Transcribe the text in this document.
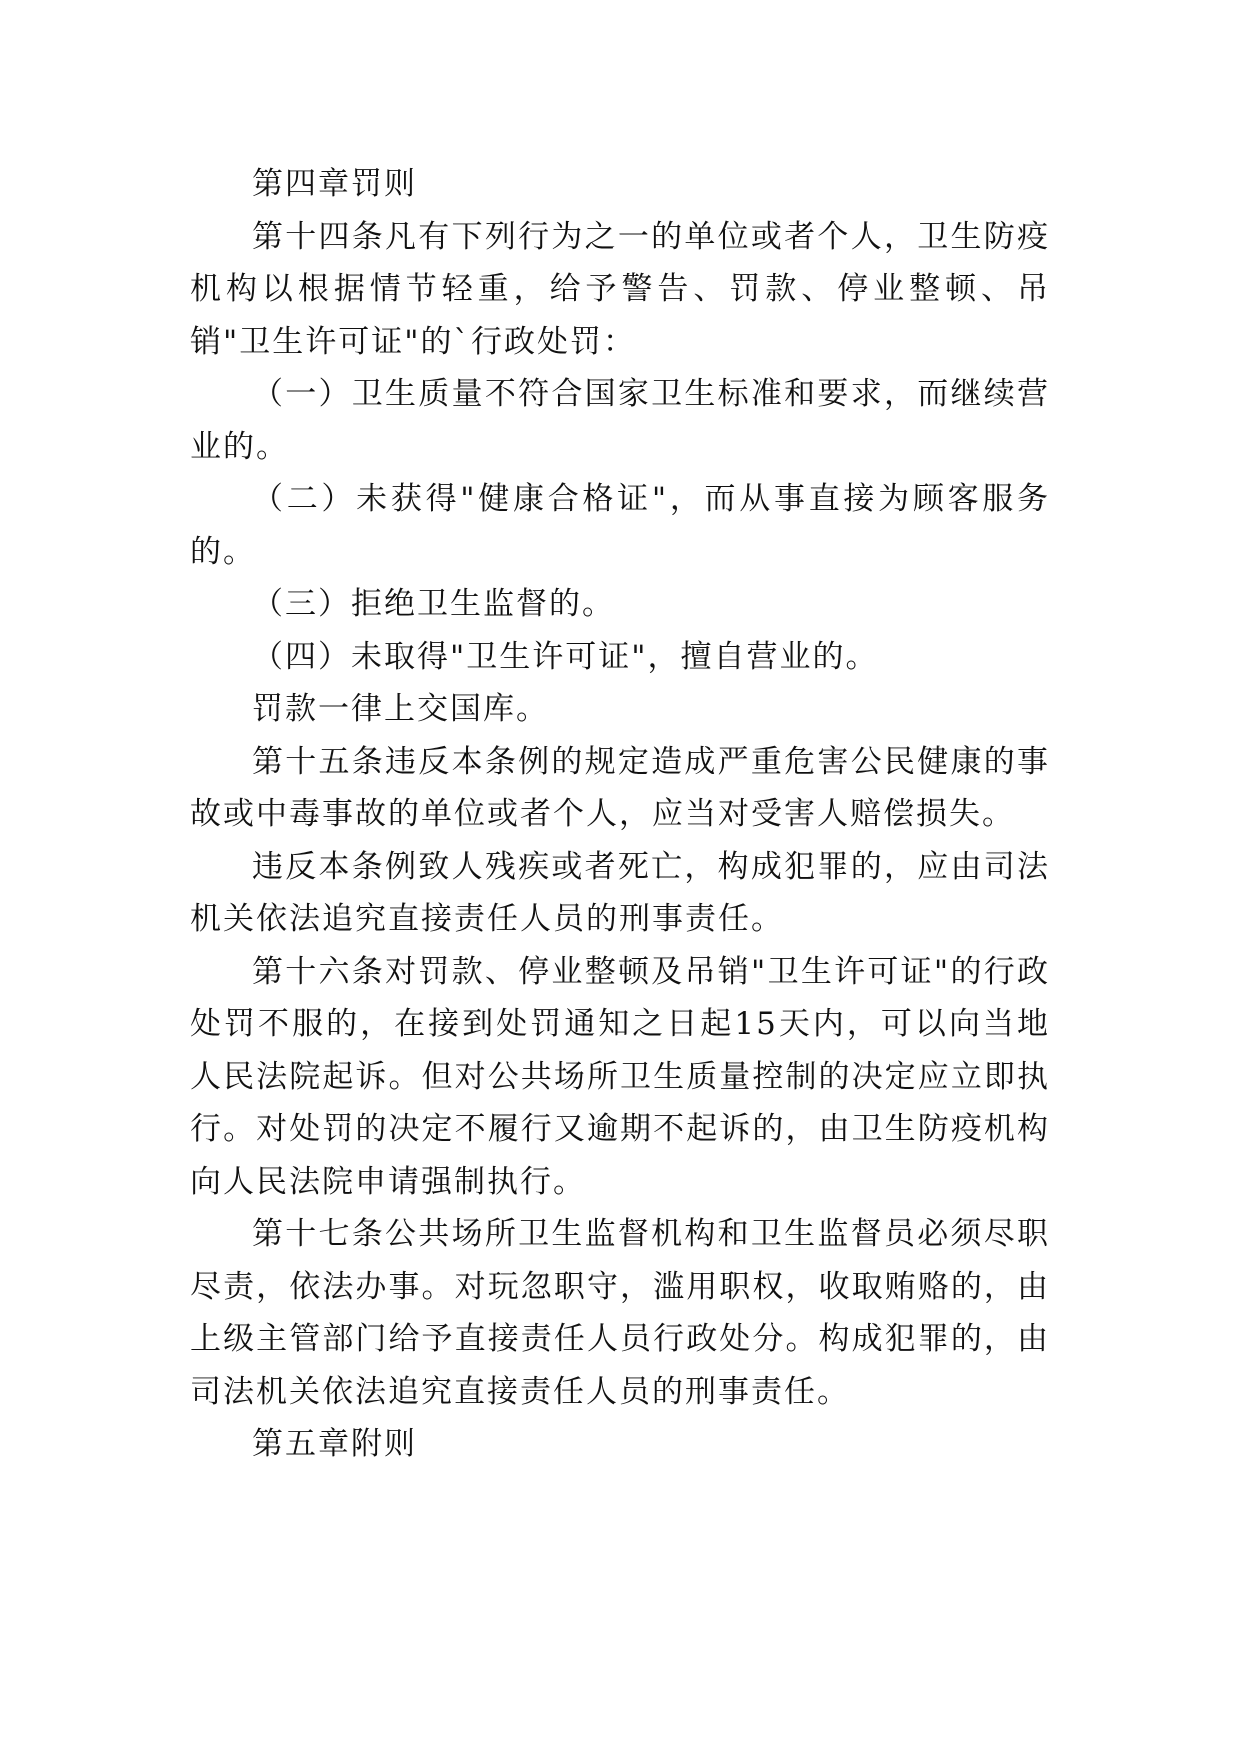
第四章罚则

第十四条凡有下列行为之一的单位或者个人，卫生防疫机构以根据情节轻重，给予警告、罚款、停业整顿、吊销"卫生许可证"的`行政处罚：

（一）卫生质量不符合国家卫生标准和要求，而继续营业的。

（二）未获得"健康合格证"，而从事直接为顾客服务的。

（三）拒绝卫生监督的。

（四）未取得"卫生许可证"，擅自营业的。

罚款一律上交国库。

第十五条违反本条例的规定造成严重危害公民健康的事故或中毒事故的单位或者个人，应当对受害人赔偿损失。

违反本条例致人残疾或者死亡，构成犯罪的，应由司法机关依法追究直接责任人员的刑事责任。

第十六条对罚款、停业整顿及吊销"卫生许可证"的行政处罚不服的，在接到处罚通知之日起15天内，可以向当地人民法院起诉。但对公共场所卫生质量控制的决定应立即执行。对处罚的决定不履行又逾期不起诉的，由卫生防疫机构向人民法院申请强制执行。

第十七条公共场所卫生监督机构和卫生监督员必须尽职尽责，依法办事。对玩忽职守，滥用职权，收取贿赂的，由上级主管部门给予直接责任人员行政处分。构成犯罪的，由司法机关依法追究直接责任人员的刑事责任。

第五章附则
